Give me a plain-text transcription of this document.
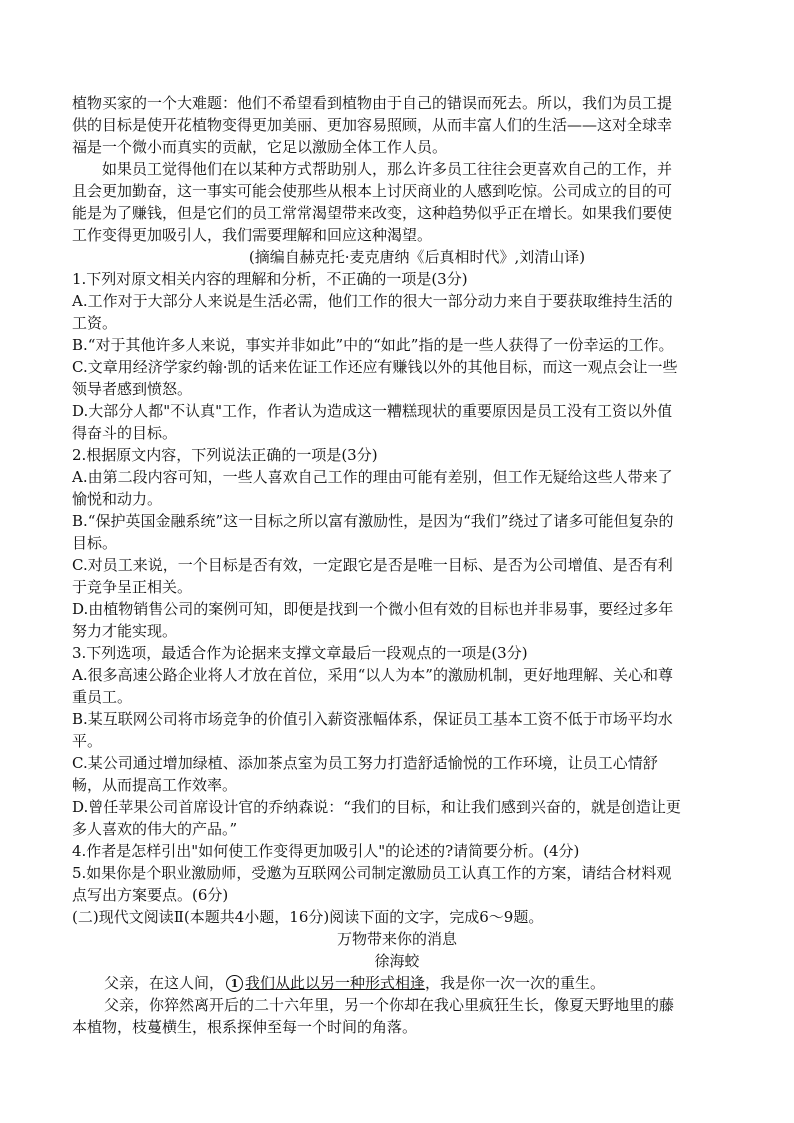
植物买家的一个大难题：他们不希望看到植物由于自己的错误而死去。所以，我们为员工提
供的目标是使开花植物变得更加美丽、更加容易照顾，从而丰富人们的生活——这对全球幸
福是一个微小而真实的贡献，它足以激励全体工作人员。
如果员工觉得他们在以某种方式帮助别人，那么许多员工往往会更喜欢自己的工作，并
且会更加勤奋，这一事实可能会使那些从根本上讨厌商业的人感到吃惊。公司成立的目的可
能是为了赚钱，但是它们的员工常常渴望带来改变，这种趋势似乎正在增长。如果我们要使
工作变得更加吸引人，我们需要理解和回应这种渴望。
(摘编自赫克托·麦克唐纳《后真相时代》,刘清山译)
1.下列对原文相关内容的理解和分析，不正确的一项是(3分)
A.工作对于大部分人来说是生活必需，他们工作的很大一部分动力来自于要获取维持生活的
工资。
B.“对于其他许多人来说，事实并非如此”中的“如此”指的是一些人获得了一份幸运的工作。
C.文章用经济学家约翰·凯的话来佐证工作还应有赚钱以外的其他目标，而这一观点会让一些
领导者感到愤怒。
D.大部分人都"不认真"工作，作者认为造成这一糟糕现状的重要原因是员工没有工资以外值
得奋斗的目标。
2.根据原文内容，下列说法正确的一项是(3分)
A.由第二段内容可知，一些人喜欢自己工作的理由可能有差别，但工作无疑给这些人带来了
愉悦和动力。
B.“保护英国金融系统”这一目标之所以富有激励性，是因为“我们”绕过了诸多可能但复杂的
目标。
C.对员工来说，一个目标是否有效，一定跟它是否是唯一目标、是否为公司增值、是否有利
于竞争呈正相关。
D.由植物销售公司的案例可知，即便是找到一个微小但有效的目标也并非易事，要经过多年
努力才能实现。
3.下列选项，最适合作为论据来支撑文章最后一段观点的一项是(3分)
A.很多高速公路企业将人才放在首位，采用“以人为本”的激励机制，更好地理解、关心和尊
重员工。
B.某互联网公司将市场竞争的价值引入薪资涨幅体系，保证员工基本工资不低于市场平均水
平。
C.某公司通过增加绿植、添加茶点室为员工努力打造舒适愉悦的工作环境，让员工心情舒
畅，从而提高工作效率。
D.曾任苹果公司首席设计官的乔纳森说：“我们的目标，和让我们感到兴奋的，就是创造让更
多人喜欢的伟大的产品。”
4.作者是怎样引出"如何使工作变得更加吸引人"的论述的?请简要分析。(4分)
5.如果你是个职业激励师，受邀为互联网公司制定激励员工认真工作的方案，请结合材料观
点写出方案要点。(6分)
(二)现代文阅读Ⅱ(本题共4小题，16分)阅读下面的文字，完成6～9题。
万物带来你的消息
徐海蛟
父亲，在这人间， 1 我们从此以另一种形式相逢，我是你一次一次的重生。
父亲，你猝然离开后的二十六年里，另一个你却在我心里疯狂生长，像夏天野地里的藤
本植物，枝蔓横生，根系探伸至每一个时间的角落。
